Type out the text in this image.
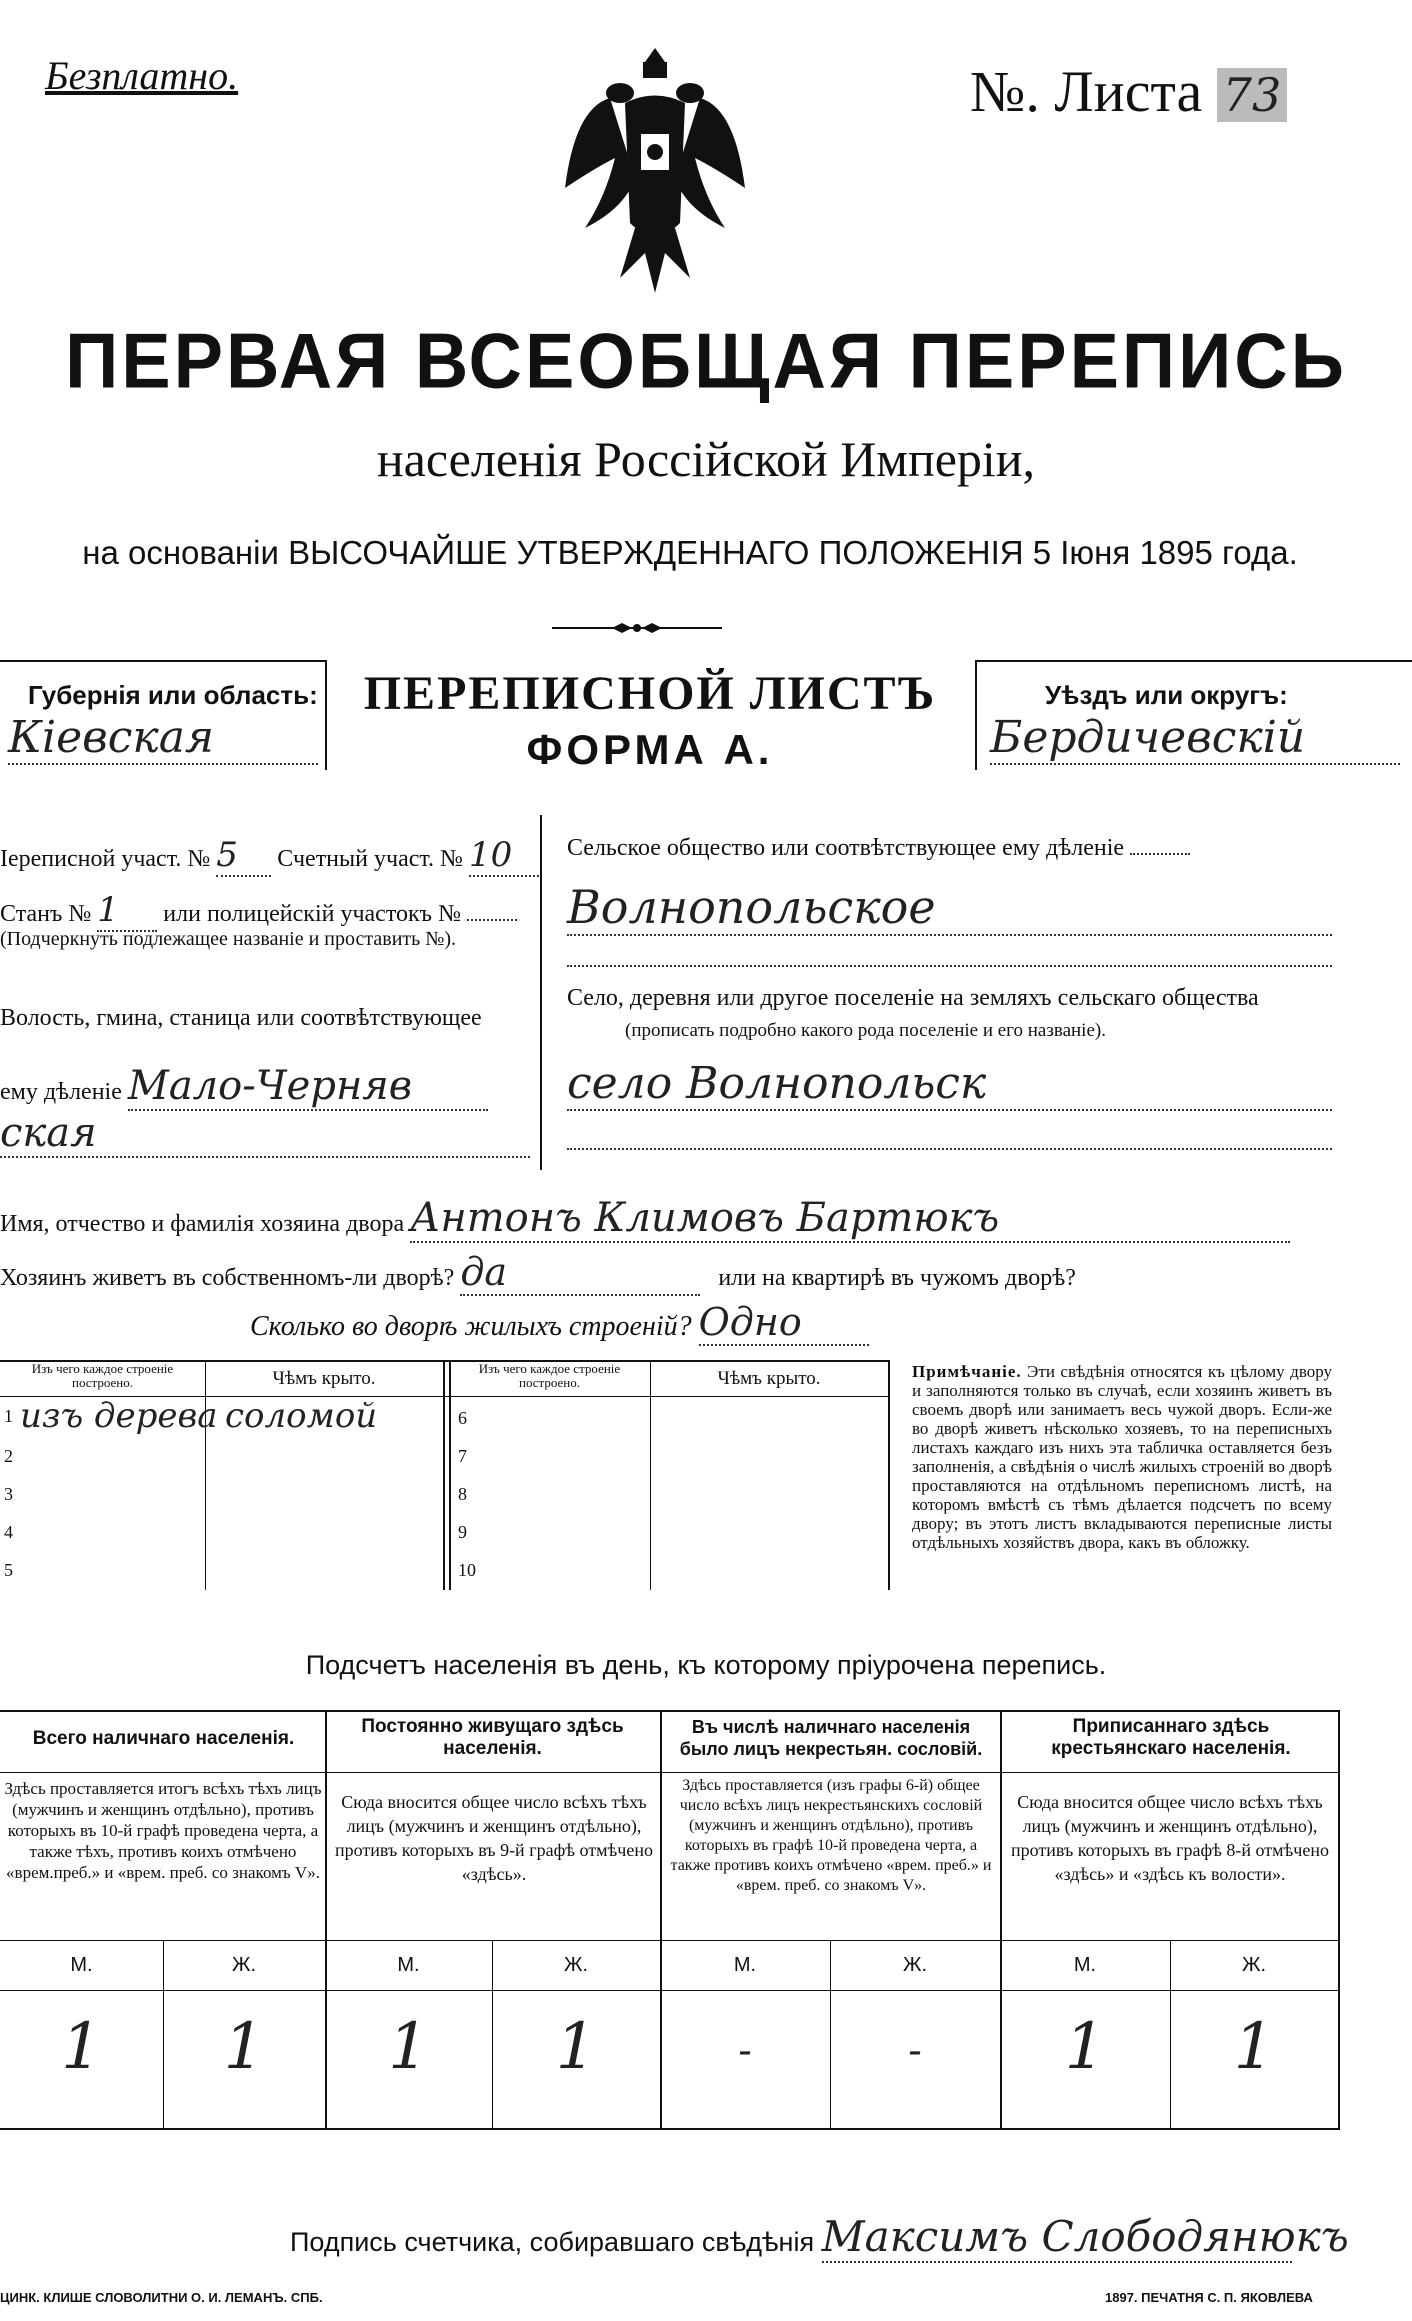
Безплатно.	№. Листа 73
ПЕРВАЯ ВСЕОБЩАЯ ПЕРЕПИСЬ
населенія Россійской Имперіи,
на основаніи ВЫСОЧАЙШЕ УТВЕРЖДЕННАГО ПОЛОЖЕНІЯ 5 Іюня 1895 года.
Губернія или область:
Кіевская
ПЕРЕПИСНОЙ ЛИСТЪ
ФОРМА А.
Уѣздъ или округъ:
Бердичевскій
Іереписной участ. № 5 Счетный участ. № 10
Станъ № 1 или полицейскій участокъ №
(Подчеркнуть подлежащее названіе и проставить №).
Волость, гмина, станица или соотвѣтствующее
ему дѣленіе Мало-Черняв
ская
Сельское общество или соотвѣтствующее ему дѣленіе
Волнопольское
Село, деревня или другое поселеніе на земляхъ сельскаго общества
(прописать подробно какого рода поселеніе и его названіе).
село Волнопольск
Имя, отчество и фамилія хозяина двора Антонъ Климовъ Бартюкъ
Хозяинъ живетъ въ собственномъ-ли дворѣ? да	или на квартирѣ въ чужомъ дворѣ?
Сколько во дворѣ жилыхъ строеній? Одно
Изъ чего каждое строеніе построено.	Чѣмъ крыто.	Изъ чего каждое строеніе построено.	Чѣмъ крыто.
1 изъ дерева соломой
2
3
4
5
6
7
8
9
10
Примѣчаніе. Эти свѣдѣнія относятся къ цѣлому двору и заполняются только въ случаѣ, если хозяинъ живетъ въ своемъ дворѣ или занимаетъ весь чужой дворъ. Если-же во дворѣ живетъ нѣсколько хозяевъ, то на переписныхъ листахъ каждаго изъ нихъ эта табличка оставляется безъ заполненія, а свѣдѣнія о числѣ жилыхъ строеній во дворѣ проставляются на отдѣльномъ переписномъ листѣ, на которомъ вмѣстѣ съ тѣмъ дѣлается подсчетъ по всему двору; въ этотъ листъ вкладываются переписные листы отдѣльныхъ хозяйствъ двора, какъ въ обложку.
Подсчетъ населенія въ день, къ которому пріурочена перепись.
Всего наличнаго населенія.
Здѣсь проставляется итогъ всѣхъ тѣхъ лицъ (мужчинъ и женщинъ отдѣльно), противъ которыхъ въ 10-й графѣ проведена черта, а также тѣхъ, противъ коихъ отмѣчено «врем.преб.» и «врем. преб. со знакомъ V».
М.	Ж.
1	1
Постоянно живущаго здѣсь населенія.
Сюда вносится общее число всѣхъ тѣхъ лицъ (мужчинъ и женщинъ отдѣльно), противъ которыхъ въ 9-й графѣ отмѣчено «здѣсь».
М.	Ж.
1	1
Въ числѣ наличнаго населенія было лицъ некрестьян. сословій.
Здѣсь проставляется (изъ графы 6-й) общее число всѣхъ лицъ некрестьянскихъ сословій (мужчинъ и женщинъ отдѣльно), противъ которыхъ въ графѣ 10-й проведена черта, а также противъ коихъ отмѣчено «врем. преб.» и «врем. преб. со знакомъ V».
М.	Ж.
-	-
Приписаннаго здѣсь крестьянскаго населенія.
Сюда вносится общее число всѣхъ тѣхъ лицъ (мужчинъ и женщинъ отдѣльно), противъ которыхъ въ графѣ 8-й отмѣчено «здѣсь» и «здѣсь къ волости».
М.	Ж.
1	1
Подпись счетчика, собиравшаго свѣдѣнія Максимъ Слободянюкъ
ЦИНК. КЛИШЕ СЛОВОЛИТНИ О. И. ЛЕМАНЪ. СПБ.	1897. ПЕЧАТНЯ С. П. ЯКОВЛЕВА
